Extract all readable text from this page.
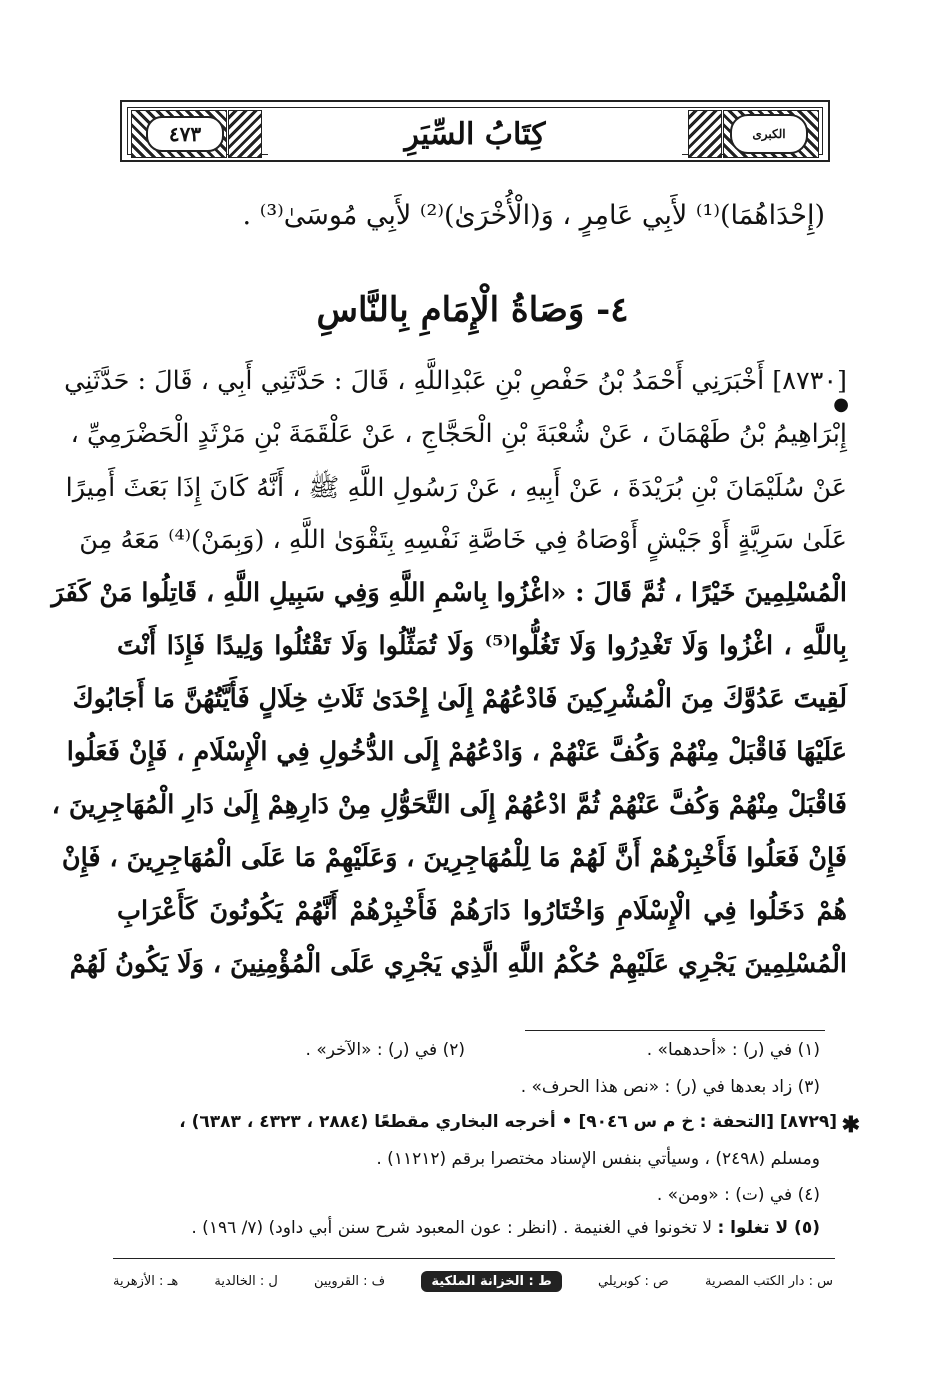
٤٧٣	كِتَابُ السِّيَرِ	الكبرى
(إِحْدَاهُمَا)⁽¹⁾ لأَبِي عَامِرٍ ، وَ(الْأُخْرَىٰ)⁽²⁾ لأَبِي مُوسَىٰ⁽³⁾ .
٤- وَصَاةُ الْإِمَامِ بِالنَّاسِ
●
[٨٧٣٠] أَخْبَرَنِي أَحْمَدُ بْنُ حَفْصِ بْنِ عَبْدِاللَّهِ ، قَالَ : حَدَّثَنِي أَبِي ، قَالَ : حَدَّثَنِي
إِبْرَاهِيمُ بْنُ طَهْمَانَ ، عَنْ شُعْبَةَ بْنِ الْحَجَّاجِ ، عَنْ عَلْقَمَةَ بْنِ مَرْثَدٍ الْحَضْرَمِيِّ ،
عَنْ سُلَيْمَانَ بْنِ بُرَيْدَةَ ، عَنْ أَبِيهِ ، عَنْ رَسُولِ اللَّهِ ﷺ ، أَنَّهُ كَانَ إِذَا بَعَثَ أَمِيرًا
عَلَىٰ سَرِيَّةٍ أَوْ جَيْشٍ أَوْصَاهُ فِي خَاصَّةِ نَفْسِهِ بِتَقْوَىٰ اللَّهِ ، (وَبِمَنْ)⁽⁴⁾ مَعَهُ مِنَ
الْمُسْلِمِينَ خَيْرًا ، ثُمَّ قَالَ : «اغْزُوا بِاسْمِ اللَّهِ وَفِي سَبِيلِ اللَّهِ ، قَاتِلُوا مَنْ كَفَرَ
بِاللَّهِ ، اغْزُوا وَلَا تَغْدِرُوا وَلَا تَغُلُّوا⁽⁵⁾ وَلَا تُمَثِّلُوا وَلَا تَقْتُلُوا وَلِيدًا فَإِذَا أَنْتَ
لَقِيتَ عَدُوَّكَ مِنَ الْمُشْرِكِينَ فَادْعُهُمْ إِلَىٰ إِحْدَىٰ ثَلَاثِ خِلَالٍ فَأَيَّتُهُنَّ مَا أَجَابُوكَ
عَلَيْهَا فَاقْبَلْ مِنْهُمْ وَكُفَّ عَنْهُمْ ، وَادْعُهُمْ إِلَى الدُّخُولِ فِي الْإِسْلَامِ ، فَإِنْ فَعَلُوا
فَاقْبَلْ مِنْهُمْ وَكُفَّ عَنْهُمْ ثُمَّ ادْعُهُمْ إِلَى التَّحَوُّلِ مِنْ دَارِهِمْ إِلَىٰ دَارِ الْمُهَاجِرِينَ ،
فَإِنْ فَعَلُوا فَأَخْبِرْهُمْ أَنَّ لَهُمْ مَا لِلْمُهَاجِرِينَ ، وَعَلَيْهِمْ مَا عَلَى الْمُهَاجِرِينَ ، فَإِنْ
هُمْ دَخَلُوا فِي الْإِسْلَامِ وَاخْتَارُوا دَارَهُمْ فَأَخْبِرْهُمْ أَنَّهُمْ يَكُونُونَ كَأَعْرَابِ
الْمُسْلِمِينَ يَجْرِي عَلَيْهِمْ حُكْمُ اللَّهِ الَّذِي يَجْرِي عَلَى الْمُؤْمِنِينَ ، وَلَا يَكُونُ لَهُمْ
(١) في (ر) : «أحدهما» .
(٢) في (ر) : «الآخر» .
(٣) زاد بعدها في (ر) : «نص هذا الحرف» .
✱
[٨٧٢٩] [التحفة : خ م س ٩٠٤٦] • أخرجه البخاري مقطعًا (٢٨٨٤ ، ٤٣٢٣ ، ٦٣٨٣) ،
ومسلم (٢٤٩٨) ، وسيأتي بنفس الإسناد مختصرا برقم (١١٢١٢) .
(٤) في (ت) : «ومن» .
(٥) لا تغلوا : لا تخونوا في الغنيمة . (انظر : عون المعبود شرح سنن أبي داود) (٧/ ١٩٦) .
س : دار الكتب المصرية
ص : كوبريلي
ط : الخزانة الملكية
ف : القرويين
ل : الخالدية
هـ : الأزهرية
